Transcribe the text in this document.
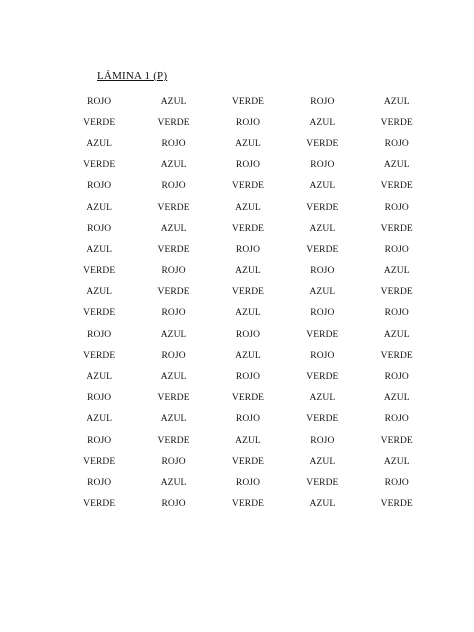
LÁMINA 1 (P)
ROJO	AZUL	VERDE	ROJO	AZUL
VERDE	VERDE	ROJO	AZUL	VERDE
AZUL	ROJO	AZUL	VERDE	ROJO
VERDE	AZUL	ROJO	ROJO	AZUL
ROJO	ROJO	VERDE	AZUL	VERDE
AZUL	VERDE	AZUL	VERDE	ROJO
ROJO	AZUL	VERDE	AZUL	VERDE
AZUL	VERDE	ROJO	VERDE	ROJO
VERDE	ROJO	AZUL	ROJO	AZUL
AZUL	VERDE	VERDE	AZUL	VERDE
VERDE	ROJO	AZUL	ROJO	ROJO
ROJO	AZUL	ROJO	VERDE	AZUL
VERDE	ROJO	AZUL	ROJO	VERDE
AZUL	AZUL	ROJO	VERDE	ROJO
ROJO	VERDE	VERDE	AZUL	AZUL
AZUL	AZUL	ROJO	VERDE	ROJO
ROJO	VERDE	AZUL	ROJO	VERDE
VERDE	ROJO	VERDE	AZUL	AZUL
ROJO	AZUL	ROJO	VERDE	ROJO
VERDE	ROJO	VERDE	AZUL	VERDE
